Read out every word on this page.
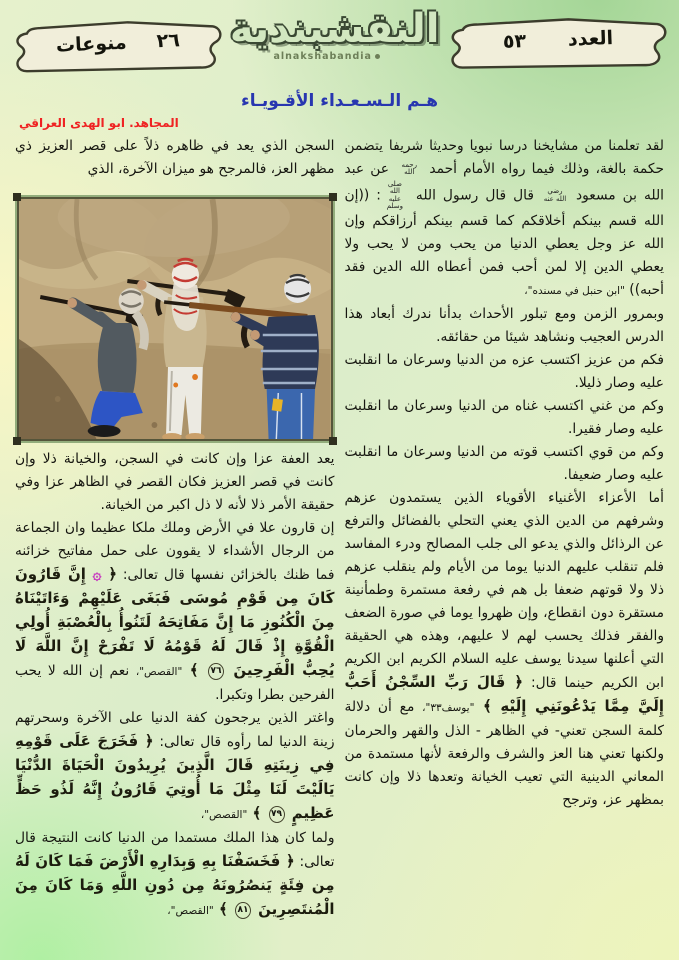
٢٦
منوعات	النقشبندية
alnakshabandia
العدد
٥٣
هـم الـسـعـداء الأقـويـاء

لقد تعلمنا من مشايخنا درسا نبويا وحديثا شريفا يتضمن حكمة بالغة، وذلك فيما رواه الأمام أحمد رحمه الله عن عبد الله بن مسعود رضي الله عنه قال قال رسول الله صلى الله عليه وسلم: ((إن الله قسم بينكم أخلاقكم كما قسم بينكم أرزاقكم وإن الله عز وجل يعطي الدنيا من يحب ومن لا يحب ولا يعطي الدين إلا لمن أحب فمن أعطاه الله الدين فقد أحبه)) "ابن حنبل في مسنده"،

وبمرور الزمن ومع تبلور الأحداث بدأنا ندرك أبعاد هذا الدرس العجيب ونشاهد شيئا من حقائقه.

فكم من عزيز اكتسب عزه من الدنيا وسرعان ما انقلبت عليه وصار ذليلا.

وكم من غني اكتسب غناه من الدنيا وسرعان ما انقلبت عليه وصار فقيرا.

وكم من قوي اكتسب قوته من الدنيا وسرعان ما انقلبت عليه وصار ضعيفا.

أما الأعزاء الأغنياء الأقوياء الذين يستمدون عزهم وشرفهم من الدين الذي يعني التحلي بالفضائل والترفع عن الرذائل والذي يدعو الى جلب المصالح ودرء المفاسد فلم تنقلب عليهم الدنيا يوما من الأيام ولم ينقلب عزهم ذلا ولا قوتهم ضعفا بل هم في رفعة مستمرة وطمأنينة مستقرة دون انقطاع، وإن ظهروا يوما في صورة الضعف والفقر فذلك يحسب لهم لا عليهم، وهذه هي الحقيقة التي أعلنها سيدنا يوسف عليه السلام الكريم ابن الكريم ابن الكريم حينما قال: ﴿ قَالَ رَبِّ السِّجْنُ أَحَبُّ إِلَيَّ مِمَّا يَدْعُونَنِي إِلَيْهِ ﴾ "يوسف٣٣"، مع أن دلالة كلمة السجن تعني- في الظاهر - الذل والقهر والحرمان ولكنها تعني هنا العز والشرف والرفعة لأنها مستمدة من المعاني الدينية التي تعيب الخيانة وتعدها ذلا وإن كانت بمظهر عز، وترجح

المجاهد. ابو الهدى العراقي

السجن الذي يعد في ظاهره ذلاً على قصر العزيز ذي مظهر العز، فالمرجح هو ميزان الآخرة، الذي

يعد العفة عزا وإن كانت في السجن، والخيانة ذلا وإن كانت في قصر العزيز فكان القصر في الظاهر عزا وفي حقيقة الأمر ذلا لأنه لا ذل اكبر من الخيانة.

إن قارون علا في الأرض وملك ملكا عظيما وان الجماعة من الرجال الأشداء لا يقوون على حمل مفاتيح خزائنه فما ظنك بالخزائن نفسها قال تعالى: ﴿ ۞ إِنَّ قَارُونَ كَانَ مِن قَوْمِ مُوسَى فَبَغَى عَلَيْهِمْ وَءَاتَيْنَاهُ مِنَ الْكُنُوزِ مَا إِنَّ مَفَاتِحَهُ لَتَنُوأُ بِالْعُصْبَةِ أُولِي الْقُوَّةِ إِذْ قَالَ لَهُ قَوْمُهُ لَا تَفْرَحْ إِنَّ اللَّهَ لَا يُحِبُّ الْفَرِحِينَ ٧٦ ﴾ "القصص"، نعم إن الله لا يحب الفرحين بطرا وتكبرا.

واغتر الذين يرجحون كفة الدنيا على الآخرة وسحرتهم زينة الدنيا لما رأوه قال تعالى: ﴿ فَخَرَجَ عَلَى قَوْمِهِ فِي زِينَتِهِ قَالَ الَّذِينَ يُرِيدُونَ الْحَيَاةَ الدُّنْيَا يَالَيْتَ لَنَا مِثْلَ مَا أُوتِيَ قَارُونُ إِنَّهُ لَذُو حَظٍّ عَظِيمٍ ٧٩ ﴾ "القصص"،

ولما كان هذا الملك مستمدا من الدنيا كانت النتيجة قال تعالى: ﴿ فَخَسَفْنَا بِهِ وَبِدَارِهِ الْأَرْضَ فَمَا كَانَ لَهُ مِن فِئَةٍ يَنصُرُونَهُ مِن دُونِ اللَّهِ وَمَا كَانَ مِنَ الْمُنتَصِرِينَ ٨١ ﴾ "القصص"،
